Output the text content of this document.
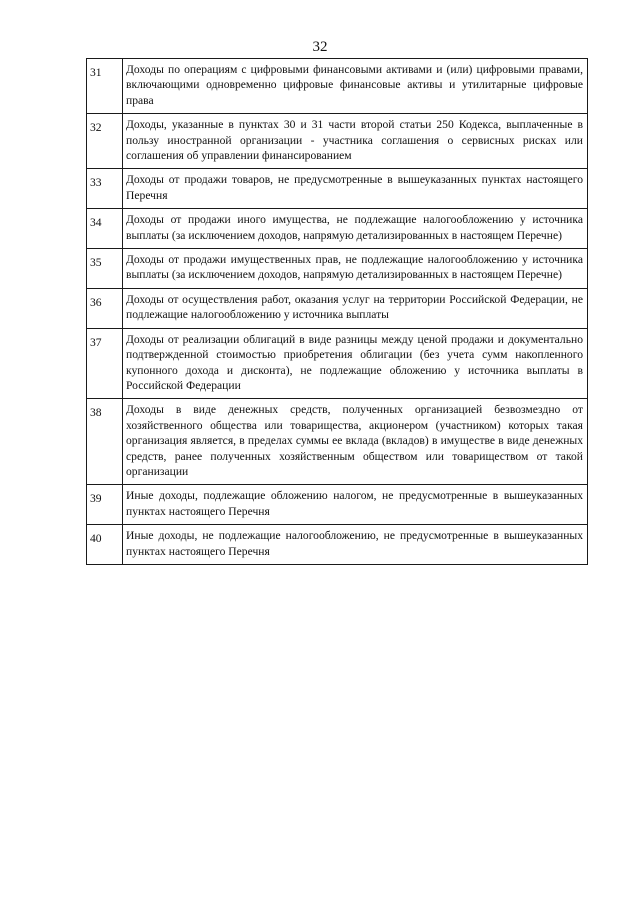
32
31	Доходы по операциям с цифровыми финансовыми активами и (или) цифровыми правами, включающими одновременно цифровые финансовые активы и утилитарные цифровые права
32	Доходы, указанные в пунктах 30 и 31 части второй статьи 250 Кодекса, выплаченные в пользу иностранной организации - участника соглашения о сервисных рисках или соглашения об управлении финансированием
33	Доходы от продажи товаров, не предусмотренные в вышеуказанных пунктах настоящего Перечня
34	Доходы от продажи иного имущества, не подлежащие налогообложению у источника выплаты (за исключением доходов, напрямую детализированных в настоящем Перечне)
35	Доходы от продажи имущественных прав, не подлежащие налогообложению у источника выплаты (за исключением доходов, напрямую детализированных в настоящем Перечне)
36	Доходы от осуществления работ, оказания услуг на территории Российской Федерации, не подлежащие налогообложению у источника выплаты
37	Доходы от реализации облигаций в виде разницы между ценой продажи и документально подтвержденной стоимостью приобретения облигации (без учета сумм накопленного купонного дохода и дисконта), не подлежащие обложению у источника выплаты в Российской Федерации
38	Доходы в виде денежных средств, полученных организацией безвозмездно от хозяйственного общества или товарищества, акционером (участником) которых такая организация является, в пределах суммы ее вклада (вкладов) в имуществе в виде денежных средств, ранее полученных хозяйственным обществом или товариществом от такой организации
39	Иные доходы, подлежащие обложению налогом, не предусмотренные в вышеуказанных пунктах настоящего Перечня
40	Иные доходы, не подлежащие налогообложению, не предусмотренные в вышеуказанных пунктах настоящего Перечня
